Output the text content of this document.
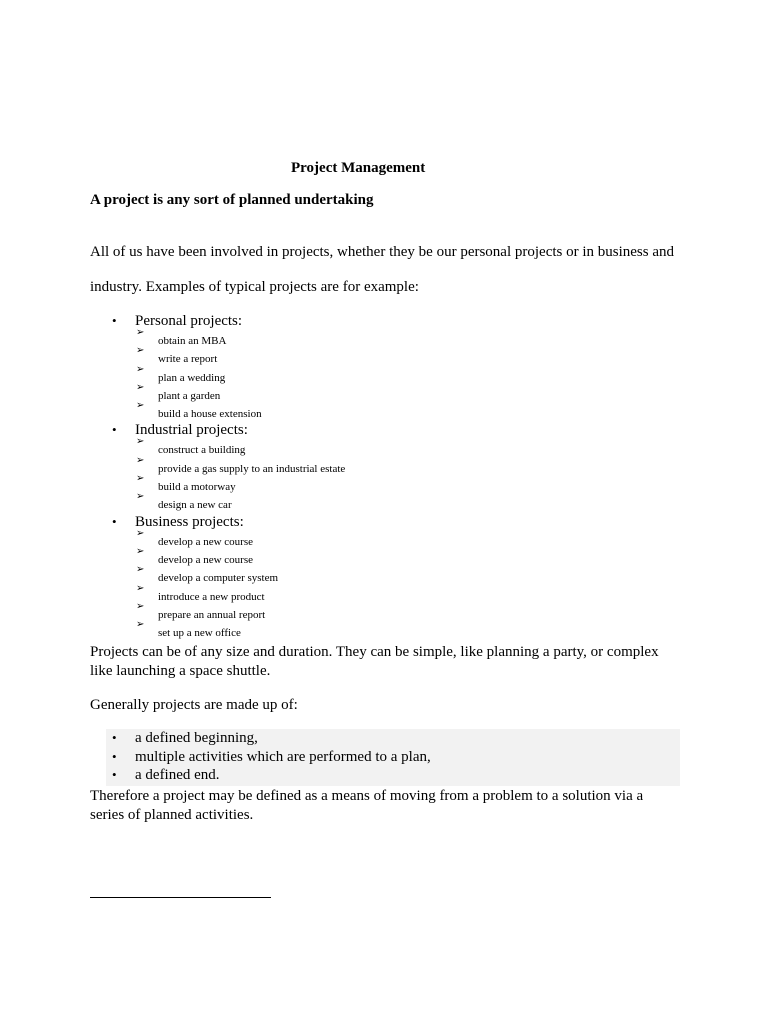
Project Management
A project is any sort of planned undertaking
All of us have been involved in projects, whether they be our personal projects or in business and
industry. Examples of typical projects are for example:
• Personal projects:
➢
obtain an MBA
➢
write a report
➢
plan a wedding
➢
plant a garden
➢
build a house extension
• Industrial projects:
➢
construct a building
➢
provide a gas supply to an industrial estate
➢
build a motorway
➢
design a new car
• Business projects:
➢
develop a new course
➢
develop a new course
➢
develop a computer system
➢
introduce a new product
➢
prepare an annual report
➢
set up a new office
Projects can be of any size and duration. They can be simple, like planning a party, or complex
like launching a space shuttle.
Generally projects are made up of:
• a defined beginning,
• multiple activities which are performed to a plan,
• a defined end.
Therefore a project may be defined as a means of moving from a problem to a solution via a
series of planned activities.
